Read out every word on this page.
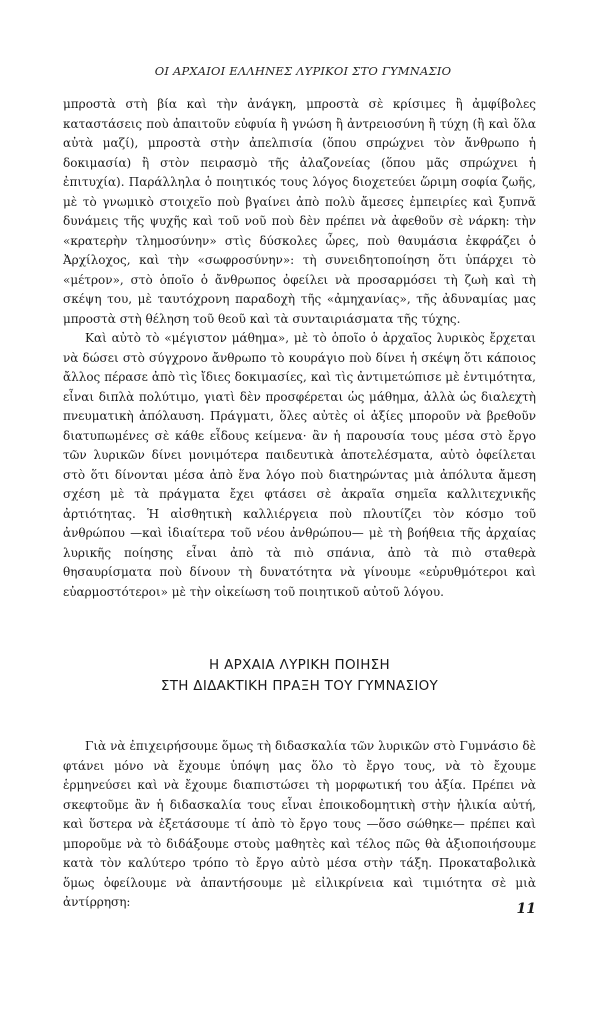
ΟΙ ΑΡΧΑΙΟΙ ΕΛΛΗΝΕΣ ΛΥΡΙΚΟΙ ΣΤΟ ΓΥΜΝΑΣΙΟ

μπροστὰ στὴ βία καὶ τὴν ἀνάγκη, μπροστὰ σὲ κρίσιμες ἢ ἀμφίβολες καταστάσεις ποὺ ἀπαιτοῦν εὐφυία ἢ γνώση ἢ ἀντρειοσύνη ἢ τύχη (ἢ καὶ ὅλα αὐτὰ μαζί), μπροστὰ στὴν ἀπελπισία (ὅπου σπρώχνει τὸν ἄνθρωπο ἡ δοκιμασία) ἢ στὸν πειρασμὸ τῆς ἀλαζονείας (ὅπου μᾶς σπρώχνει ἡ ἐπιτυχία). Παράλληλα ὁ ποιητικός τους λόγος διοχετεύει ὥριμη σοφία ζωῆς, μὲ τὸ γνωμικὸ στοιχεῖο ποὺ βγαίνει ἀπὸ πολὺ ἄμεσες ἐμπειρίες καὶ ξυπνᾶ δυνάμεις τῆς ψυχῆς καὶ τοῦ νοῦ ποὺ δὲν πρέπει νὰ ἀφεθοῦν σὲ νάρκη: τὴν «κρατερὴν τλημοσύνην» στὶς δύσκολες ὧρες, ποὺ θαυμάσια ἐκφράζει ὁ Ἀρχίλοχος, καὶ τὴν «σωφροσύνην»: τὴ συνειδητοποίηση ὅτι ὑπάρχει τὸ «μέτρον», στὸ ὁποῖο ὁ ἄνθρωπος ὀφείλει νὰ προσαρμόσει τὴ ζωὴ καὶ τὴ σκέψη του, μὲ ταυτόχρονη παραδοχὴ τῆς «ἀμηχανίας», τῆς ἀδυναμίας μας μπροστὰ στὴ θέληση τοῦ θεοῦ καὶ τὰ συνταιριάσματα τῆς τύχης.

Καὶ αὐτὸ τὸ «μέγιστον μάθημα», μὲ τὸ ὁποῖο ὁ ἀρχαῖος λυρικὸς ἔρχεται νὰ δώσει στὸ σύγχρονο ἄνθρωπο τὸ κουράγιο ποὺ δίνει ἡ σκέψη ὅτι κάποιος ἄλλος πέρασε ἀπὸ τὶς ἴδιες δοκιμασίες, καὶ τὶς ἀντιμετώπισε μὲ ἐντιμότητα, εἶναι διπλὰ πολύτιμο, γιατὶ δὲν προσφέρεται ὡς μάθημα, ἀλλὰ ὡς διαλεχτὴ πνευματικὴ ἀπόλαυση. Πράγματι, ὅλες αὐτὲς οἱ ἀξίες μποροῦν νὰ βρεθοῦν διατυπωμένες σὲ κάθε εἶδους κείμενα· ἂν ἡ παρουσία τους μέσα στὸ ἔργο τῶν λυρικῶν δίνει μονιμότερα παιδευτικὰ ἀποτελέσματα, αὐτὸ ὀφείλεται στὸ ὅτι δίνονται μέσα ἀπὸ ἕνα λόγο ποὺ διατηρώντας μιὰ ἀπόλυτα ἄμεση σχέση μὲ τὰ πράγματα ἔχει φτάσει σὲ ἀκραῖα σημεῖα καλλιτεχνικῆς ἀρτιότητας. Ἡ αἰσθητικὴ καλλιέργεια ποὺ πλουτίζει τὸν κόσμο τοῦ ἀνθρώπου —καὶ ἰδιαίτερα τοῦ νέου ἀνθρώπου— μὲ τὴ βοήθεια τῆς ἀρχαίας λυρικῆς ποίησης εἶναι ἀπὸ τὰ πιὸ σπάνια, ἀπὸ τὰ πιὸ σταθερὰ θησαυρίσματα ποὺ δίνουν τὴ δυνατότητα νὰ γίνουμε «εὐρυθμότεροι καὶ εὐαρμοστότεροι» μὲ τὴν οἰκείωση τοῦ ποιητικοῦ αὐτοῦ λόγου.

Η ΑΡΧΑΙΑ ΛΥΡΙΚΗ ΠΟΙΗΣΗ
ΣΤΗ ΔΙΔΑΚΤΙΚΗ ΠΡΑΞΗ ΤΟΥ ΓΥΜΝΑΣΙΟΥ

Γιὰ νὰ ἐπιχειρήσουμε ὅμως τὴ διδασκαλία τῶν λυρικῶν στὸ Γυμνάσιο δὲ φτάνει μόνο νὰ ἔχουμε ὑπόψη μας ὅλο τὸ ἔργο τους, νὰ τὸ ἔχουμε ἑρμηνεύσει καὶ νὰ ἔχουμε διαπιστώσει τὴ μορφωτική του ἀξία. Πρέπει νὰ σκεφτοῦμε ἂν ἡ διδασκαλία τους εἶναι ἐποικοδομητικὴ στὴν ἡλικία αὐτή, καὶ ὕστερα νὰ ἐξετάσουμε τί ἀπὸ τὸ ἔργο τους —ὅσο σώθηκε— πρέπει καὶ μποροῦμε νὰ τὸ διδάξουμε στοὺς μαθητὲς καὶ τέλος πῶς θὰ ἀξιοποιήσουμε κατὰ τὸν καλύτερο τρόπο τὸ ἔργο αὐτὸ μέσα στὴν τάξη. Προκαταβολικὰ ὅμως ὀφείλουμε νὰ ἀπαντήσουμε μὲ εἰλικρίνεια καὶ τιμιότητα σὲ μιὰ ἀντίρρηση:	11
